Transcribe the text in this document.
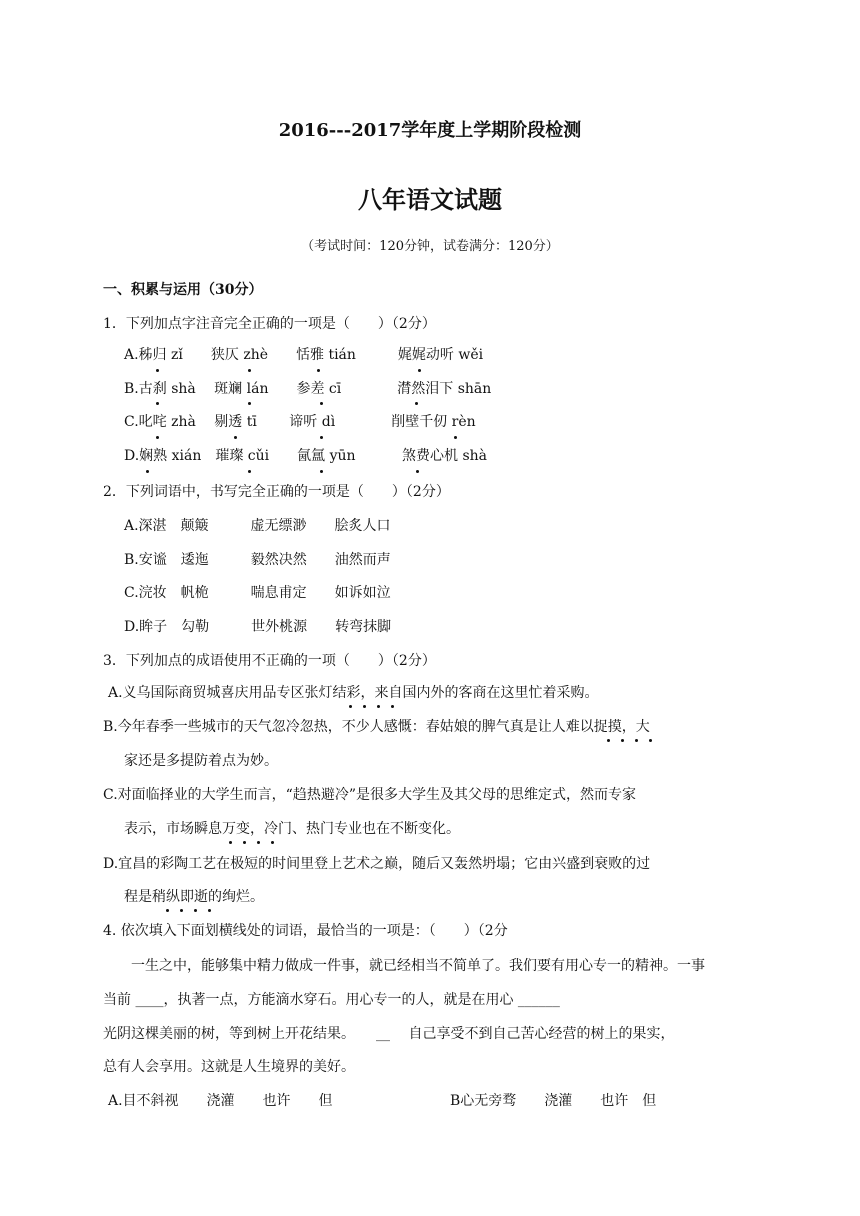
2016---2017学年度上学期阶段检测
八年语文试题
（考试时间：120分钟，试卷满分：120分）
一、积累与运用（30分）
1．下列加点字注音完全正确的一项是（　　）（2分）
A.秭归 zǐ　　狭仄 zhè　　恬雅 tián　　　娓娓动听 wěi
B.古刹 shà　 斑斓 lán　　参差 cī　　　　潸然泪下 shān
C.叱咤 zhà　 剔透 tī　　 谛听 dì　　　　削壁千仞 rèn
D.娴熟 xián　璀璨 cǔi　　氤氲 yūn　　　 煞费心机 shà
2．下列词语中，书写完全正确的一项是（　　）（2分）
A.深湛　颠簸　　　虚无缥渺　　脍炙人口
B.安谧　逶迤　　　毅然决然　　油然而声
C.浣妆　帆桅　　　喘息甫定　　如诉如泣
D.眸子　勾勒　　　世外桃源　　转弯抹脚
3．下列加点的成语使用不正确的一项（　　）（2分）
A.义乌国际商贸城喜庆用品专区张灯结彩，来自国内外的客商在这里忙着采购。
B.今年春季一些城市的天气忽冷忽热，不少人感慨：春姑娘的脾气真是让人难以捉摸，大
家还是多提防着点为妙。
C.对面临择业的大学生而言，“趋热避冷”是很多大学生及其父母的思维定式，然而专家
表示，市场瞬息万变，冷门、热门专业也在不断变化。
D.宜昌的彩陶工艺在极短的时间里登上艺术之巅，随后又轰然坍塌；它由兴盛到衰败的过
程是稍纵即逝的绚烂。
4. 依次填入下面划横线处的词语，最恰当的一项是：（　　）（2分
　　一生之中，能够集中精力做成一件事，就已经相当不简单了。我们要有用心专一的精神。一事
当前 ____，执著一点，方能滴水穿石。用心专一的人，就是在用心 ______
光阴这棵美丽的树，等到树上开花结果。　　__　 自己享受不到自己苦心经营的树上的果实，
总有人会享用。这就是人生境界的美好。
A.目不斜视　　浇灌　　也许　　但	B心无旁骛　　浇灌　　也许　但
